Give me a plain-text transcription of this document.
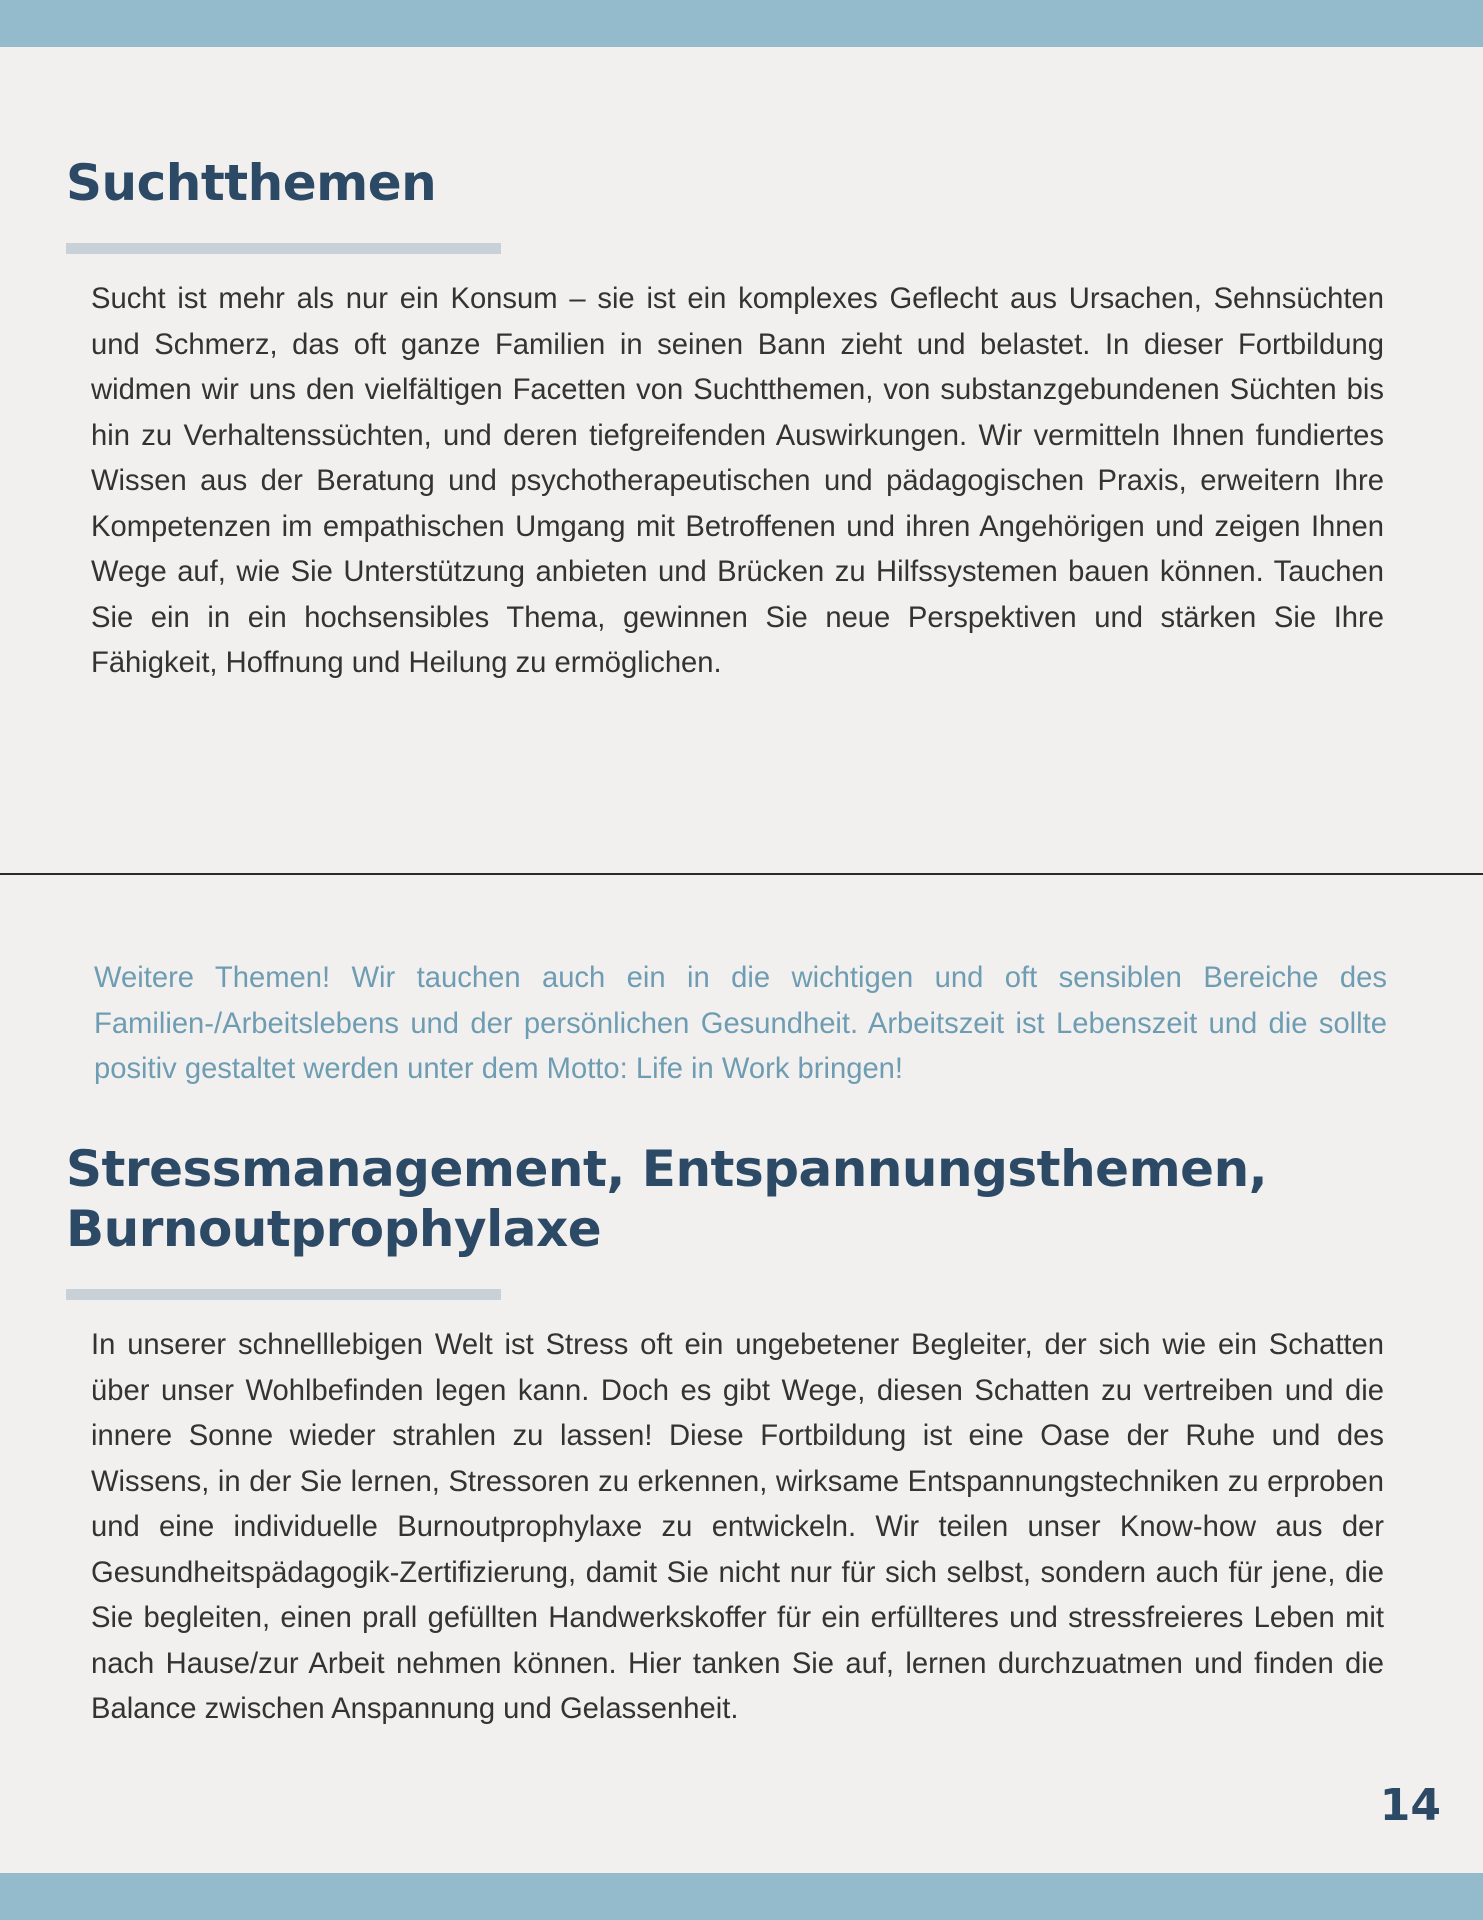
Suchtthemen

Sucht ist mehr als nur ein Konsum – sie ist ein komplexes Geflecht aus Ursachen, Sehnsüchten und Schmerz, das oft ganze Familien in seinen Bann zieht und belastet. In dieser Fortbildung widmen wir uns den vielfältigen Facetten von Suchtthemen, von substanzgebundenen Süchten bis hin zu Verhaltenssüchten, und deren tiefgreifenden Auswirkungen. Wir vermitteln Ihnen fundiertes Wissen aus der Beratung und psychotherapeutischen und pädagogischen Praxis, erweitern Ihre Kompetenzen im empathischen Umgang mit Betroffenen und ihren Angehörigen und zeigen Ihnen Wege auf, wie Sie Unterstützung anbieten und Brücken zu Hilfssystemen bauen können. Tauchen Sie ein in ein hochsensibles Thema, gewinnen Sie neue Perspektiven und stärken Sie Ihre Fähigkeit, Hoffnung und Heilung zu ermöglichen.

Weitere Themen! Wir tauchen auch ein in die wichtigen und oft sensiblen Bereiche des Familien-/Arbeitslebens und der persönlichen Gesundheit. Arbeitszeit ist Lebenszeit und die sollte positiv gestaltet werden unter dem Motto: Life in Work bringen!

Stressmanagement, Entspannungsthemen,
Burnoutprophylaxe

In unserer schnelllebigen Welt ist Stress oft ein ungebetener Begleiter, der sich wie ein Schatten über unser Wohlbefinden legen kann. Doch es gibt Wege, diesen Schatten zu vertreiben und die innere Sonne wieder strahlen zu lassen! Diese Fortbildung ist eine Oase der Ruhe und des Wissens, in der Sie lernen, Stressoren zu erkennen, wirksame Entspannungstechniken zu erproben und eine individuelle Burnoutprophylaxe zu entwickeln. Wir teilen unser Know-how aus der Gesundheitspädagogik-Zertifizierung, damit Sie nicht nur für sich selbst, sondern auch für jene, die Sie begleiten, einen prall gefüllten Handwerkskoffer für ein erfüllteres und stressfreieres Leben mit nach Hause/zur Arbeit nehmen können. Hier tanken Sie auf, lernen durchzuatmen und finden die Balance zwischen Anspannung und Gelassenheit.

14
